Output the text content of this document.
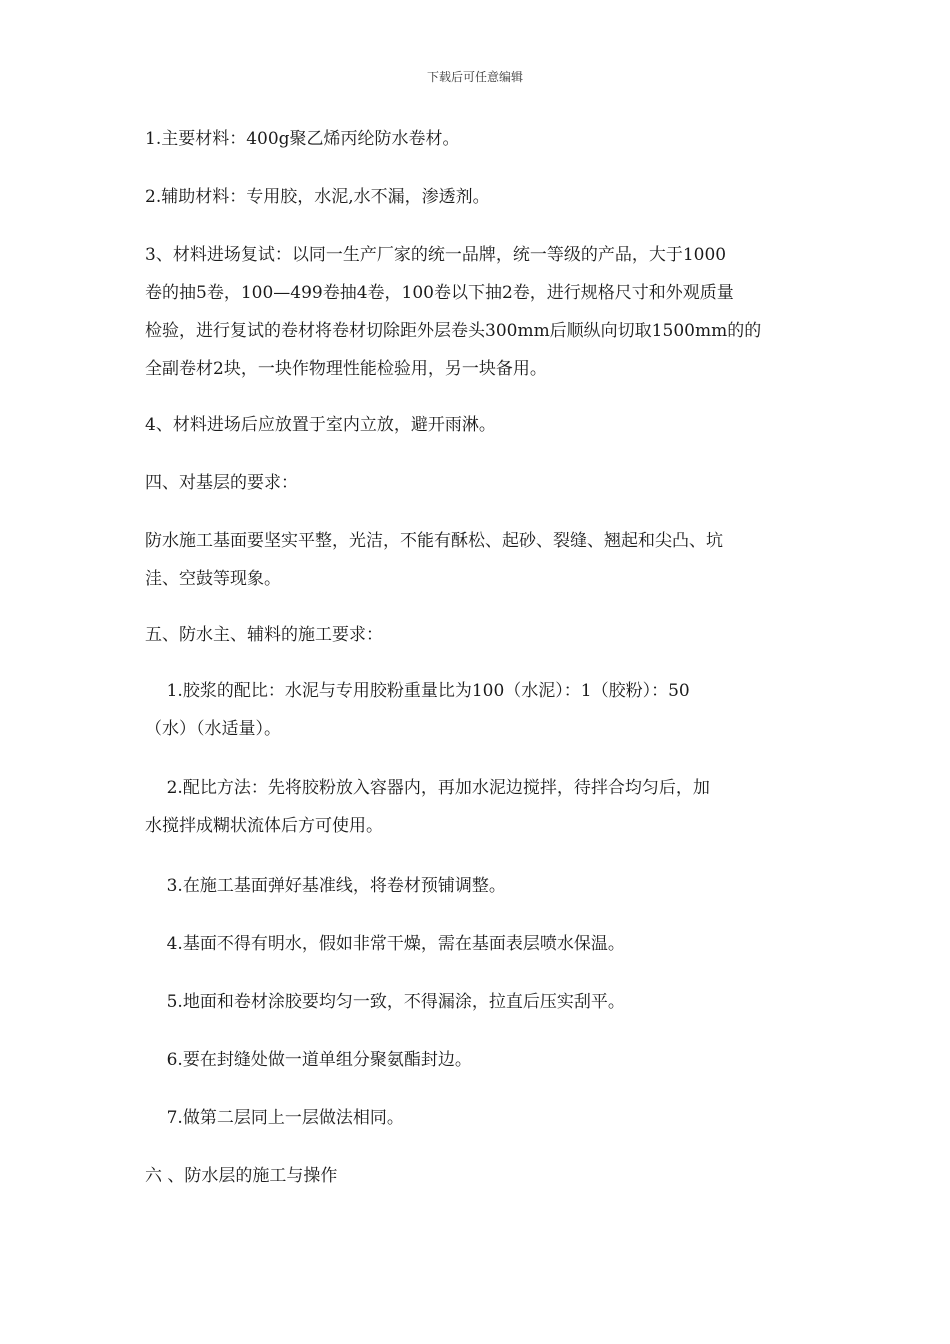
下载后可任意编辑

1.主要材料：400g聚乙烯丙纶防水卷材。

2.辅助材料：专用胶，水泥,水不漏，渗透剂。

3、材料进场复试：以同一生产厂家的统一品牌，统一等级的产品，大于1000
卷的抽5卷，100—499卷抽4卷，100卷以下抽2卷，进行规格尺寸和外观质量
检验，进行复试的卷材将卷材切除距外层卷头300mm后顺纵向切取1500mm的的
全副卷材2块，一块作物理性能检验用，另一块备用。

4、材料进场后应放置于室内立放，避开雨淋。

四、对基层的要求：

防水施工基面要坚实平整，光洁，不能有酥松、起砂、裂缝、翘起和尖凸、坑
洼、空鼓等现象。

五、防水主、辅料的施工要求：

1.胶浆的配比：水泥与专用胶粉重量比为100（水泥）：1（胶粉）：50
（水）（水适量）。

2.配比方法：先将胶粉放入容器内，再加水泥边搅拌，待拌合均匀后，加
水搅拌成糊状流体后方可使用。

3.在施工基面弹好基准线，将卷材预铺调整。

4.基面不得有明水，假如非常干燥，需在基面表层喷水保温。

5.地面和卷材涂胶要均匀一致，不得漏涂，拉直后压实刮平。

6.要在封缝处做一道单组分聚氨酯封边。

7.做第二层同上一层做法相同。

六 、防水层的施工与操作
